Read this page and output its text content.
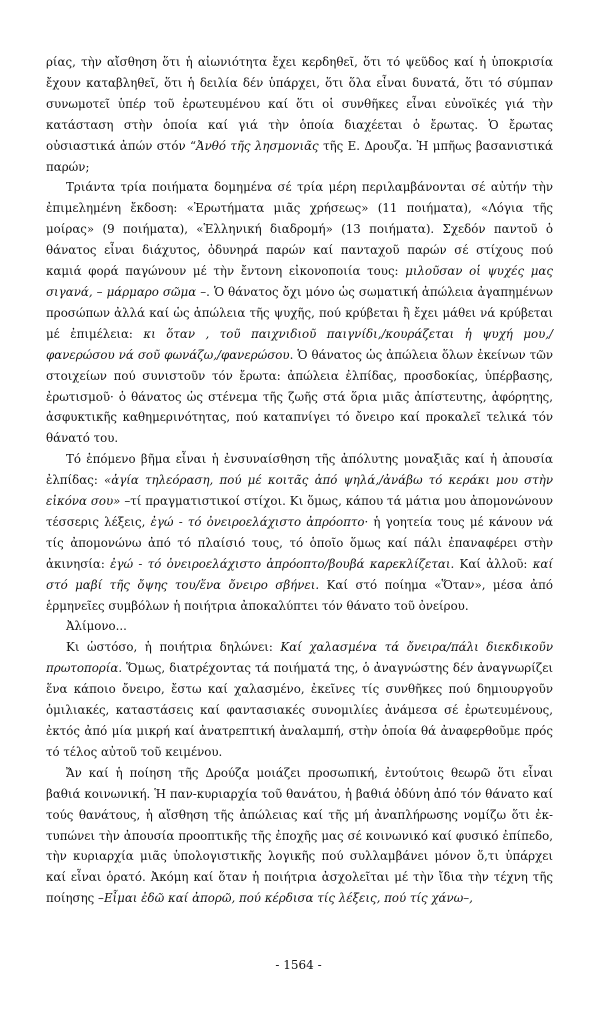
ρίας, τὴν αἴσθηση ὅτι ἡ αἰωνιότητα ἔχει κερδηθεῖ, ὅτι τό ψεῦδος καί ἡ ὑποκρισία ἔχουν καταβληθεῖ, ὅτι ἡ δειλία δέν ὑπάρχει, ὅτι ὅλα εἶναι δυνατά, ὅτι τό σύμπαν συνωμοτεῖ ὑπέρ τοῦ ἐρωτευμένου καί ὅτι οἱ συνθῆκες εἶναι εὐνοϊκές γιά τὴν κατάσταση στὴν ὁποία καί γιά τὴν ὁποία διαχέεται ὁ ἔρωτας. Ὁ ἔρωτας οὐσιαστικά ἀπών στόν “Ἀνθό τῆς λησμονιᾶς τῆς Ε. Δρουζα. Ἡ μπῆως βασανιστικά παρών;

Τριάντα τρία ποιήματα δομημένα σέ τρία μέρη περιλαμβάνονται σέ αὐτήν τὴν ἐπιμελημένη ἔκδοση: «Ἐρωτήματα μιᾶς χρήσεως» (11 ποιήματα), «Λόγια τῆς μοίρας» (9 ποιήματα), «Ἑλληνική διαδρομή» (13 ποιήματα). Σχεδόν παντοῦ ὁ θάνατος εἶναι διάχυτος, ὀδυνηρά παρών καί πανταχοῦ παρών σέ στίχους πού καμιά φορά παγώνουν μέ τὴν ἔντονη εἰκονοποιία τους: μιλοῦσαν οἱ ψυχές μας σιγανά, – μάρμαρο σῶμα –. Ὁ θάνατος ὄχι μόνο ὡς σωματική ἀπώλεια ἀγαπημένων προσώπων ἀλλά καί ὡς ἀπώλεια τῆς ψυχῆς, πού κρύβεται ἢ ἔχει μάθει νά κρύβεται μέ ἐπιμέλεια: κι ὅταν , τοῦ παιχνιδιοῦ παιγνίδι,/κουράζεται ἡ ψυχή μου,/φανερώσου νά σοῦ φωνάζω,/φανερώσου. Ὁ θάνατος ὡς ἀπώλεια ὅλων ἐκείνων τῶν στοιχείων πού συνιστοῦν τόν ἔρωτα: ἀπώλεια ἐλπίδας, προσδοκίας, ὑπέρβασης, ἐρωτισμοῦ· ὁ θάνατος ὡς στένεμα τῆς ζωῆς στά ὅρια μιᾶς ἀπίστευτης, ἀφόρητης, ἀσφυκτικῆς καθημερινότητας, πού καταπνίγει τό ὄνειρο καί προκαλεῖ τελικά τόν θάνατό του.

Τό ἑπόμενο βῆμα εἶναι ἡ ἐνσυναίσθηση τῆς ἀπόλυτης μοναξιᾶς καί ἡ ἀπουσία ἐλπίδας: «ἁγία τηλεόραση, πού μέ κοιτᾶς ἀπό ψηλά,/ἀνάβω τό κεράκι μου στὴν εἰκόνα σου» –τί πραγματιστικοί στίχοι. Κι ὅμως, κάπου τά μάτια μου ἀπομονώνουν τέσσερις λέξεις, ἐγώ - τό ὀνειροελάχιστο ἀπρόοπτο· ἡ γοητεία τους μέ κάνουν νά τίς ἀπομονώνω ἀπό τό πλαίσιό τους, τό ὁποῖο ὅμως καί πάλι ἐπαναφέρει στὴν ἀκινησία: ἐγώ - τό ὀνειροελάχιστο ἀπρόοπτο/βουβά καρεκλίζεται. Καί ἀλλοῦ: καί στό μαβί τῆς ὄψης του/ἕνα ὄνειρο σβήνει. Καί στό ποίημα «Ὅταν», μέσα ἀπό ἑρμηνεῖες συμβόλων ἡ ποιήτρια ἀποκαλύπτει τόν θάνατο τοῦ ὀνείρου.

Ἀλίμονο...

Κι ὡστόσο, ἡ ποιήτρια δηλώνει: Καί χαλασμένα τά ὄνειρα/πάλι διεκδικοῦν πρωτοπορία. Ὅμως, διατρέχοντας τά ποιήματά της, ὁ ἀναγνώστης δέν ἀναγνωρίζει ἕνα κάποιο ὄνειρο, ἔστω καί χαλασμένο, ἐκεῖνες τίς συνθῆκες πού δημιουργοῦν ὁμιλιακές, καταστάσεις καί φαντασιακές συνομιλίες ἀνάμεσα σέ ἐρωτευμένους, ἐκτός ἀπό μία μικρή καί ἀνατρεπτική ἀναλαμπή, στὴν ὁποία θά ἀναφερθοῦμε πρός τό τέλος αὐτοῦ τοῦ κειμένου.

Ἄν καί ἡ ποίηση τῆς Δρούζα μοιάζει προσωπική, ἐντούτοις θεωρῶ ὅτι εἶναι βαθιά κοινωνική. Ἡ παν-κυριαρχία τοῦ θανάτου, ἡ βαθιά ὀδύνη ἀπό τόν θάνατο καί τούς θανάτους, ἡ αἴσθηση τῆς ἀπώλειας καί τῆς μή ἀναπλήρωσης νομίζω ὅτι ἐκ-τυπώνει τὴν ἀπουσία προοπτικῆς τῆς ἐποχῆς μας σέ κοινωνικό καί φυσικό ἐπίπεδο, τὴν κυριαρχία μιᾶς ὑπολογιστικῆς λογικῆς πού συλλαμβάνει μόνον ὅ,τι ὑπάρχει καί εἶναι ὁρατό. Ἀκόμη καί ὅταν ἡ ποιήτρια ἀσχολεῖται μέ τὴν ἴδια τὴν τέχνη τῆς ποίησης –Εἶμαι ἐδῶ καί ἀπορῶ, πού κέρδισα τίς λέξεις, πού τίς χάνω–,

- 1564 -
